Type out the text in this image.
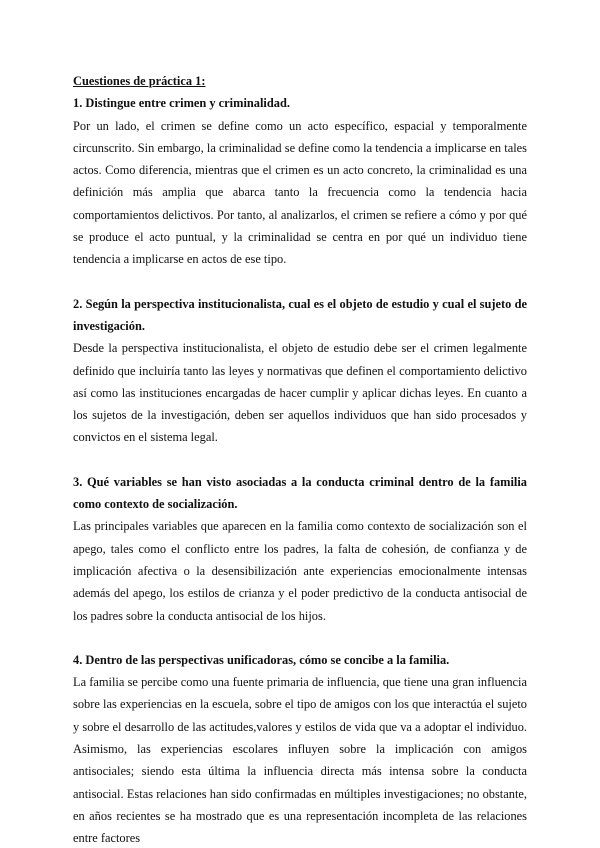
Cuestiones de práctica 1:

1. Distingue entre crimen y criminalidad.

Por un lado, el crimen se define como un acto específico, espacial y temporalmente circunscrito. Sin embargo, la criminalidad se define como la tendencia a implicarse en tales actos. Como diferencia, mientras que el crimen es un acto concreto, la criminalidad es una definición más amplia que abarca tanto la frecuencia como la tendencia hacia comportamientos delictivos. Por tanto, al analizarlos, el crimen se refiere a cómo y por qué se produce el acto puntual, y la criminalidad se centra en por qué un individuo tiene tendencia a implicarse en actos de ese tipo.

2. Según la perspectiva institucionalista, cual es el objeto de estudio y cual el sujeto de investigación.

Desde la perspectiva institucionalista, el objeto de estudio debe ser el crimen legalmente definido que incluiría tanto las leyes y normativas que definen el comportamiento delictivo así como las instituciones encargadas de hacer cumplir y aplicar dichas leyes. En cuanto a los sujetos de la investigación, deben ser aquellos individuos que han sido procesados y convictos en el sistema legal.

3. Qué variables se han visto asociadas a la conducta criminal dentro de la familia como contexto de socialización.

Las principales variables que aparecen en la familia como contexto de socialización son el apego, tales como el conflicto entre los padres, la falta de cohesión, de confianza y de implicación afectiva o la desensibilización ante experiencias emocionalmente intensas además del apego, los estilos de crianza y el poder predictivo de la conducta antisocial de los padres sobre la conducta antisocial de los hijos.

4. Dentro de las perspectivas unificadoras, cómo se concibe a la familia.

La familia se percibe como una fuente primaria de influencia, que tiene una gran influencia sobre las experiencias en la escuela, sobre el tipo de amigos con los que interactúa el sujeto y sobre el desarrollo de las actitudes,valores y estilos de vida que va a adoptar el individuo. Asimismo, las experiencias escolares influyen sobre la implicación con amigos antisociales; siendo esta última la influencia directa más intensa sobre la conducta antisocial. Estas relaciones han sido confirmadas en múltiples investigaciones; no obstante, en años recientes se ha mostrado que es una representación incompleta de las relaciones entre factores
